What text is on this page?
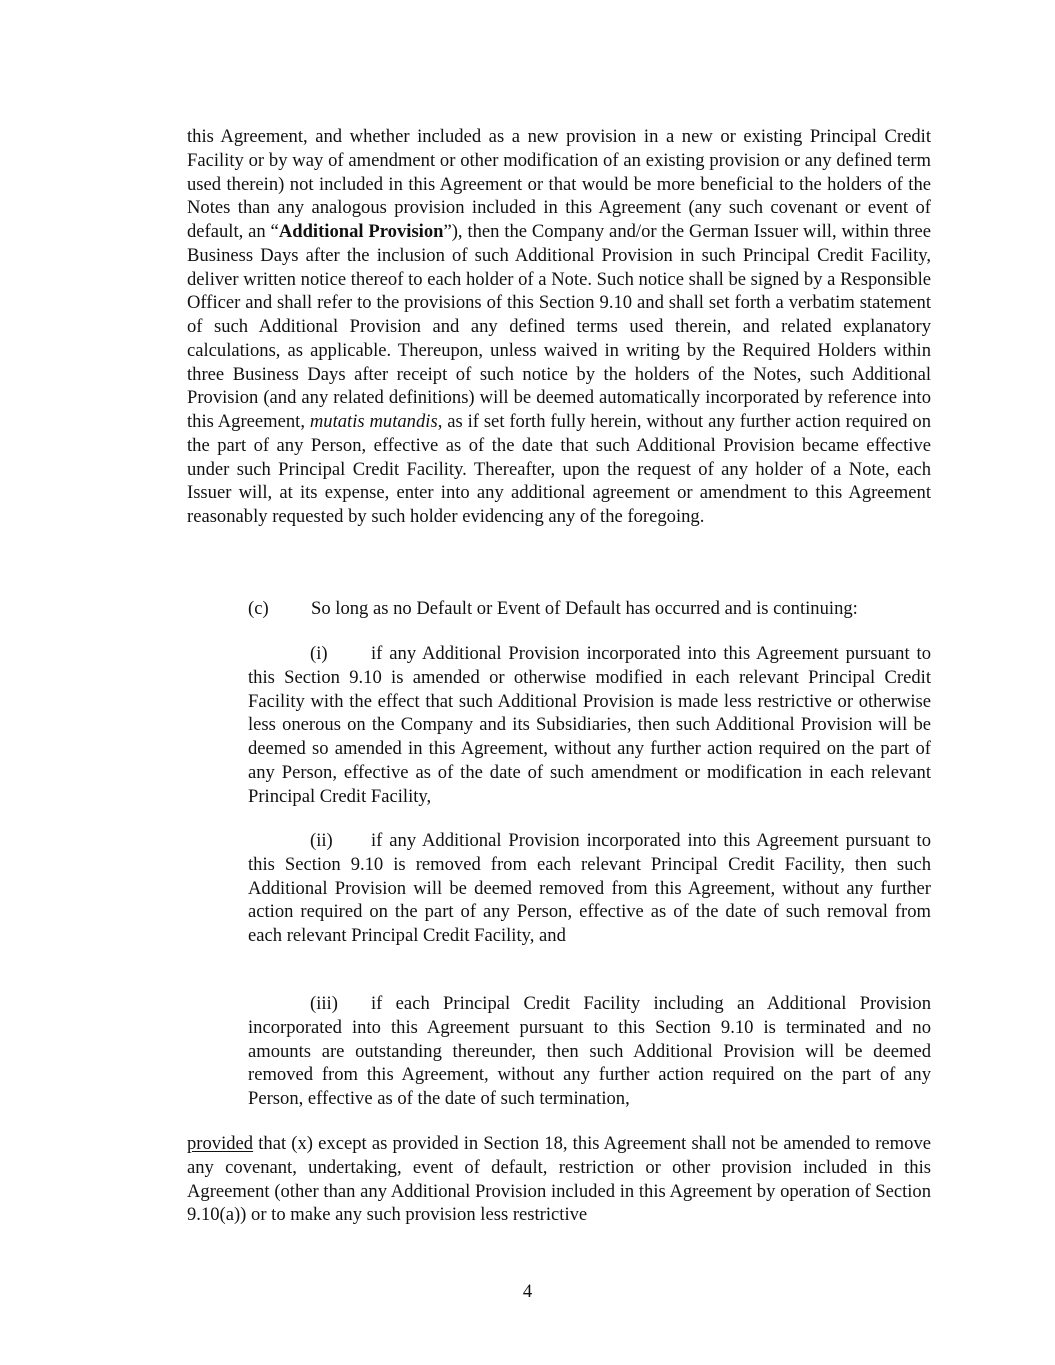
this Agreement, and whether included as a new provision in a new or existing Principal Credit Facility or by way of amendment or other modification of an existing provision or any defined term used therein) not included in this Agreement or that would be more beneficial to the holders of the Notes than any analogous provision included in this Agreement (any such covenant or event of default, an “Additional Provision”), then the Company and/or the German Issuer will, within three Business Days after the inclusion of such Additional Provision in such Principal Credit Facility, deliver written notice thereof to each holder of a Note. Such notice shall be signed by a Responsible Officer and shall refer to the provisions of this Section 9.10 and shall set forth a verbatim statement of such Additional Provision and any defined terms used therein, and related explanatory calculations, as applicable. Thereupon, unless waived in writing by the Required Holders within three Business Days after receipt of such notice by the holders of the Notes, such Additional Provision (and any related definitions) will be deemed automatically incorporated by reference into this Agreement, mutatis mutandis, as if set forth fully herein, without any further action required on the part of any Person, effective as of the date that such Additional Provision became effective under such Principal Credit Facility. Thereafter, upon the request of any holder of a Note, each Issuer will, at its expense, enter into any additional agreement or amendment to this Agreement reasonably requested by such holder evidencing any of the foregoing.

(c) So long as no Default or Event of Default has occurred and is continuing:

(i) if any Additional Provision incorporated into this Agreement pursuant to this Section 9.10 is amended or otherwise modified in each relevant Principal Credit Facility with the effect that such Additional Provision is made less restrictive or otherwise less onerous on the Company and its Subsidiaries, then such Additional Provision will be deemed so amended in this Agreement, without any further action required on the part of any Person, effective as of the date of such amendment or modification in each relevant Principal Credit Facility,

(ii) if any Additional Provision incorporated into this Agreement pursuant to this Section 9.10 is removed from each relevant Principal Credit Facility, then such Additional Provision will be deemed removed from this Agreement, without any further action required on the part of any Person, effective as of the date of such removal from each relevant Principal Credit Facility, and

(iii) if each Principal Credit Facility including an Additional Provision incorporated into this Agreement pursuant to this Section 9.10 is terminated and no amounts are outstanding thereunder, then such Additional Provision will be deemed removed from this Agreement, without any further action required on the part of any Person, effective as of the date of such termination,

provided that (x) except as provided in Section 18, this Agreement shall not be amended to remove any covenant, undertaking, event of default, restriction or other provision included in this Agreement (other than any Additional Provision included in this Agreement by operation of Section 9.10(a)) or to make any such provision less restrictive

4
